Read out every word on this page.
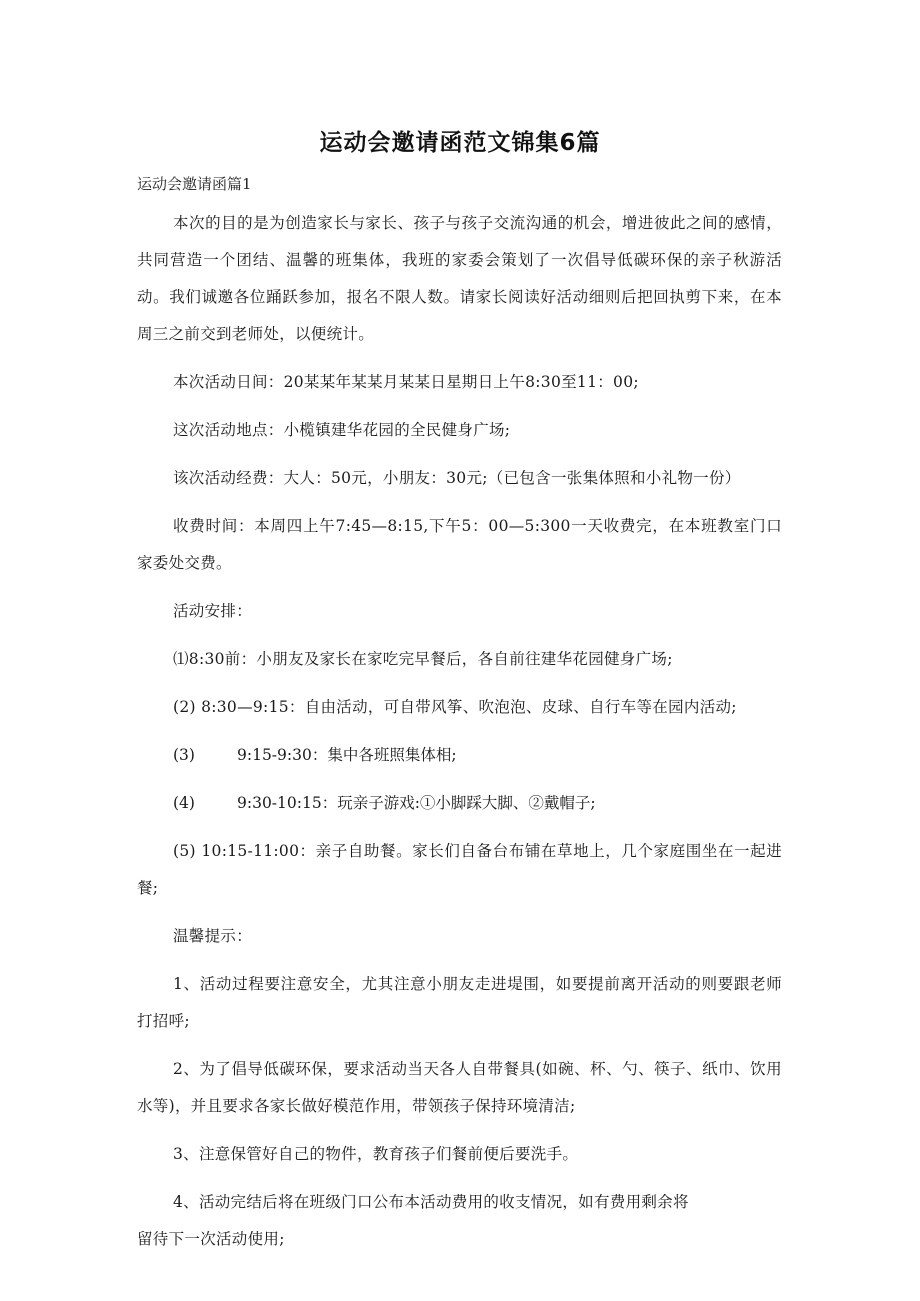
运动会邀请函范文锦集6篇
运动会邀请函篇1

本次的目的是为创造家长与家长、孩子与孩子交流沟通的机会，增进彼此之间的感情，共同营造一个团结、温馨的班集体，我班的家委会策划了一次倡导低碳环保的亲子秋游活动。我们诚邀各位踊跃参加，报名不限人数。请家长阅读好活动细则后把回执剪下来，在本周三之前交到老师处，以便统计。

本次活动日间：20某某年某某月某某日星期日上午8:30至11：00;

这次活动地点：小榄镇建华花园的全民健身广场;

该次活动经费：大人：50元，小朋友：30元;（已包含一张集体照和小礼物一份）

收费时间：本周四上午7:45—8:15,下午5：00—5:300一天收费完，在本班教室门口家委处交费。

活动安排：

⑴8:30前：小朋友及家长在家吃完早餐后，各自前往建华花园健身广场;

(2) 8:30—9:15：自由活动，可自带风筝、吹泡泡、皮球、自行车等在园内活动;

(3)	9:15-9:30：集中各班照集体相;
(4)	9:30-10:15：玩亲子游戏:①小脚踩大脚、②戴帽子;

(5) 10:15-11:00：亲子自助餐。家长们自备台布铺在草地上，几个家庭围坐在一起进餐;

温馨提示：

1、活动过程要注意安全，尤其注意小朋友走进堤围，如要提前离开活动的则要跟老师打招呼;

2、为了倡导低碳环保，要求活动当天各人自带餐具(如碗、杯、勺、筷子、纸巾、饮用水等)，并且要求各家长做好模范作用，带领孩子保持环境清洁;

3、注意保管好自己的物件，教育孩子们餐前便后要洗手。

4、活动完结后将在班级门口公布本活动费用的收支情况，如有费用剩余将

留待下一次活动使用;
